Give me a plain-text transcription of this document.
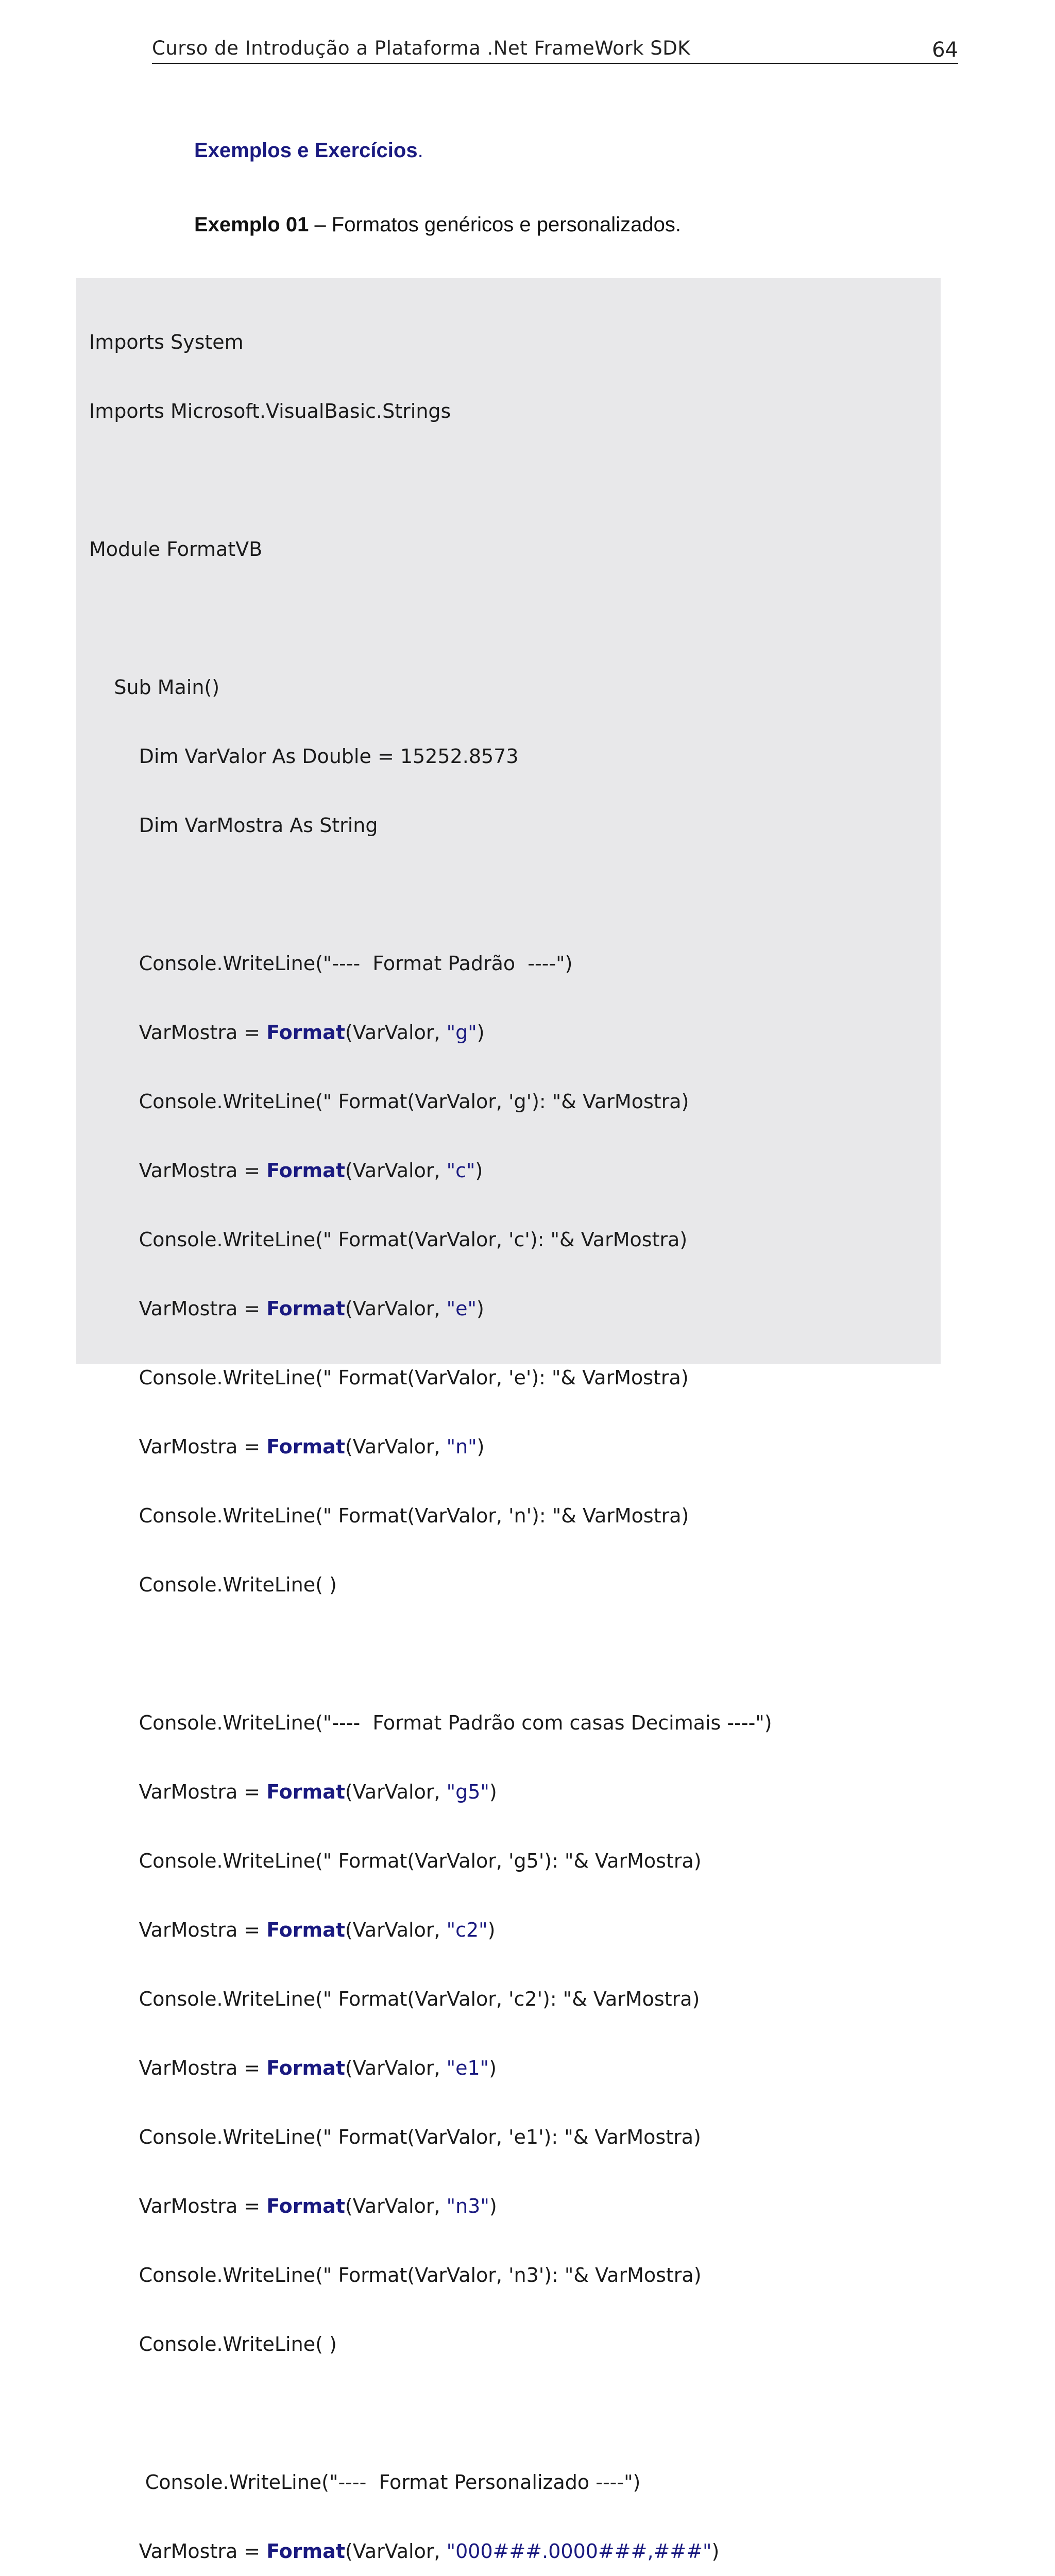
Curso de Introdução a Plataforma .Net FrameWork SDK	64
Exemplos e Exercícios.
Exemplo 01 – Formatos genéricos e personalizados.

Imports System

Imports Microsoft.VisualBasic.Strings

Module FormatVB

Sub Main()

Dim VarValor As Double = 15252.8573

Dim VarMostra As String

Console.WriteLine("----  Format Padrão  ----")

VarMostra = Format(VarValor, "g")

Console.WriteLine(" Format(VarValor, 'g'): "& VarMostra)

VarMostra = Format(VarValor, "c")

Console.WriteLine(" Format(VarValor, 'c'): "& VarMostra)

VarMostra = Format(VarValor, "e")

Console.WriteLine(" Format(VarValor, 'e'): "& VarMostra)

VarMostra = Format(VarValor, "n")

Console.WriteLine(" Format(VarValor, 'n'): "& VarMostra)

Console.WriteLine( )

Console.WriteLine("----  Format Padrão com casas Decimais ----")

VarMostra = Format(VarValor, "g5")

Console.WriteLine(" Format(VarValor, 'g5'): "& VarMostra)

VarMostra = Format(VarValor, "c2")

Console.WriteLine(" Format(VarValor, 'c2'): "& VarMostra)

VarMostra = Format(VarValor, "e1")

Console.WriteLine(" Format(VarValor, 'e1'): "& VarMostra)

VarMostra = Format(VarValor, "n3")

Console.WriteLine(" Format(VarValor, 'n3'): "& VarMostra)

Console.WriteLine( )

Console.WriteLine("----  Format Personalizado ----")

VarMostra = Format(VarValor, "000###.0000###,###")
